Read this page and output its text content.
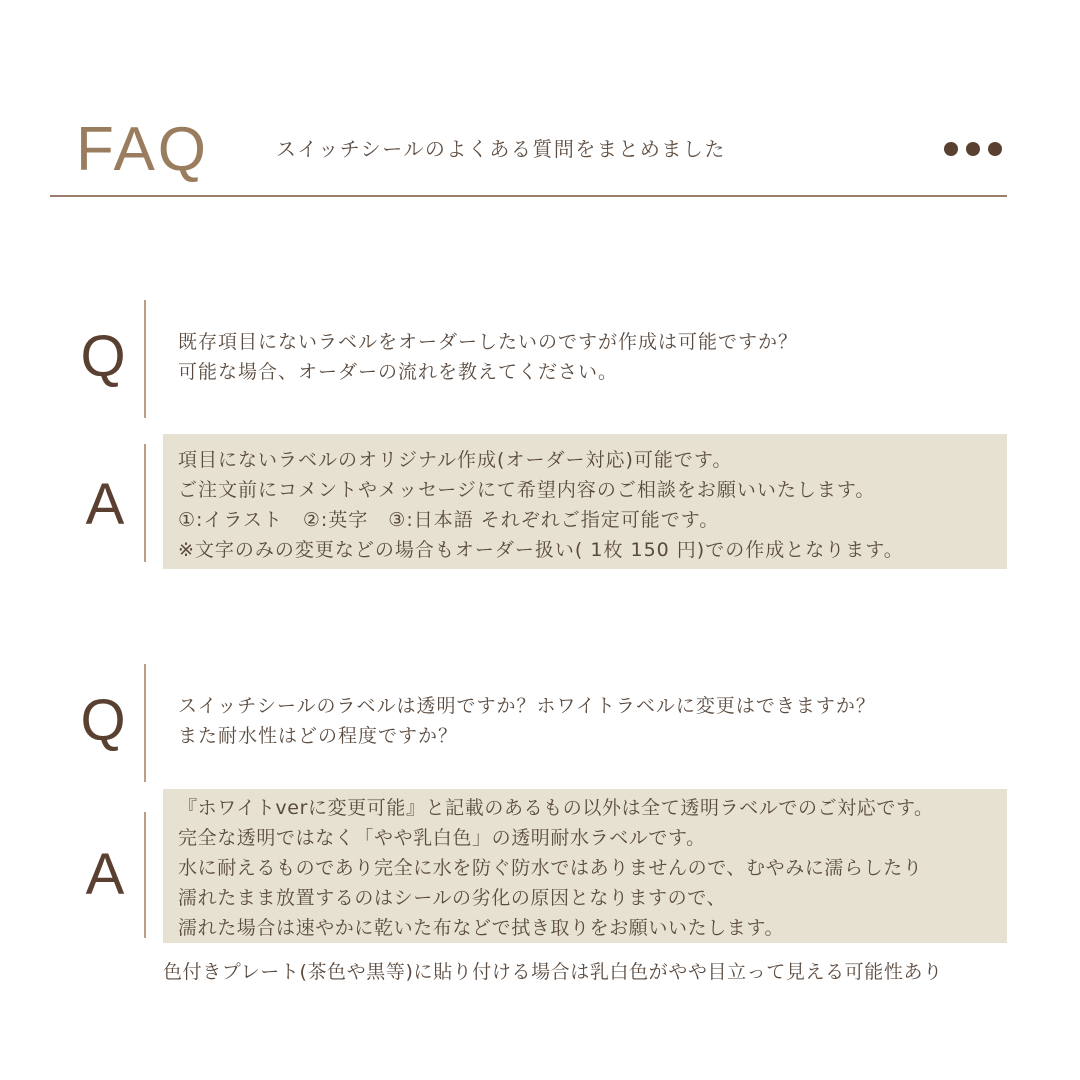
FAQ	スイッチシールのよくある質問をまとめました
Q	既存項目にないラベルをオーダーしたいのですが作成は可能ですか？
可能な場合、オーダーの流れを教えてください。
A
項目にないラベルのオリジナル作成(オーダー対応)可能です。
ご注文前にコメントやメッセージにて希望内容のご相談をお願いいたします。
①:イラスト　②:英字　③:日本語 それぞれご指定可能です。
※文字のみの変更などの場合もオーダー扱い( 1枚 150 円)での作成となります。
Q	スイッチシールのラベルは透明ですか？ホワイトラベルに変更はできますか？
また耐水性はどの程度ですか？
A
『ホワイトverに変更可能』と記載のあるもの以外は全て透明ラベルでのご対応です。
完全な透明ではなく「やや乳白色」の透明耐水ラベルです。
水に耐えるものであり完全に水を防ぐ防水ではありませんので、むやみに濡らしたり
濡れたまま放置するのはシールの劣化の原因となりますので、
濡れた場合は速やかに乾いた布などで拭き取りをお願いいたします。
色付きプレート(茶色や黒等)に貼り付ける場合は乳白色がやや目立って見える可能性あり
